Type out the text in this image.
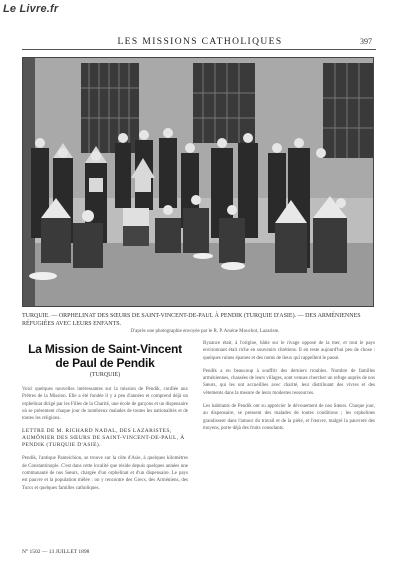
Le Livre.fr
LES MISSIONS CATHOLIQUES	397
TURQUIE. — ORPHELINAT DES SŒURS DE SAINT-VINCENT-DE-PAUL À PENDIK (TURQUIE D'ASIE). — DES ARMÉNIENNES RÉFUGIÉES AVEC LEURS ENFANTS.
D'après une photographie envoyée par le R. P. Arsène Mouchot, Lazariste.
La Mission de Saint-Vincent de Paul de Pendik
(TURQUIE)

Voici quelques nouvelles intéressantes sur la mission de Pendik, confiée aux Prêtres de la Mission. Elle a été fondée il y a peu d'années et comprend déjà un orphelinat dirigé par les Filles de la Charité, une école de garçons et un dispensaire où se présentent chaque jour de nombreux malades de toutes les nationalités et de toutes les religions.

LETTRE DE M. RICHARD NADAL, DES LAZARISTES, AUMÔNIER DES SŒURS DE SAINT-VINCENT-DE-PAUL, À PENDIK (TURQUIE D'ASIE).

Pendik, l'antique Panteichion, se trouve sur la côte d'Asie, à quelques kilomètres de Constantinople. C'est dans cette localité que réside depuis quelques années une communauté de nos Sœurs, chargée d'un orphelinat et d'un dispensaire. Le pays est pauvre et la population mêlée : on y rencontre des Grecs, des Arméniens, des Turcs et quelques familles catholiques.

Byzance était, à l'origine, bâtie sur le rivage opposé de la mer, et tout le pays environnant était riche en souvenirs chrétiens. Il en reste aujourd'hui peu de chose : quelques ruines éparses et des noms de lieux qui rappellent le passé.

Pendik a eu beaucoup à souffrir des derniers troubles. Nombre de familles arméniennes, chassées de leurs villages, sont venues chercher un refuge auprès de nos Sœurs, qui les ont accueillies avec charité, leur distribuant des vivres et des vêtements dans la mesure de leurs modestes ressources.

Les habitants de Pendik ont su apprécier le dévouement de nos Sœurs. Chaque jour, au dispensaire, se pressent des malades de toutes conditions ; les orphelines grandissent dans l'amour du travail et de la piété, et l'œuvre, malgré la pauvreté des moyens, porte déjà des fruits consolants.

N° 1502 — 13 JUILLET 1898
